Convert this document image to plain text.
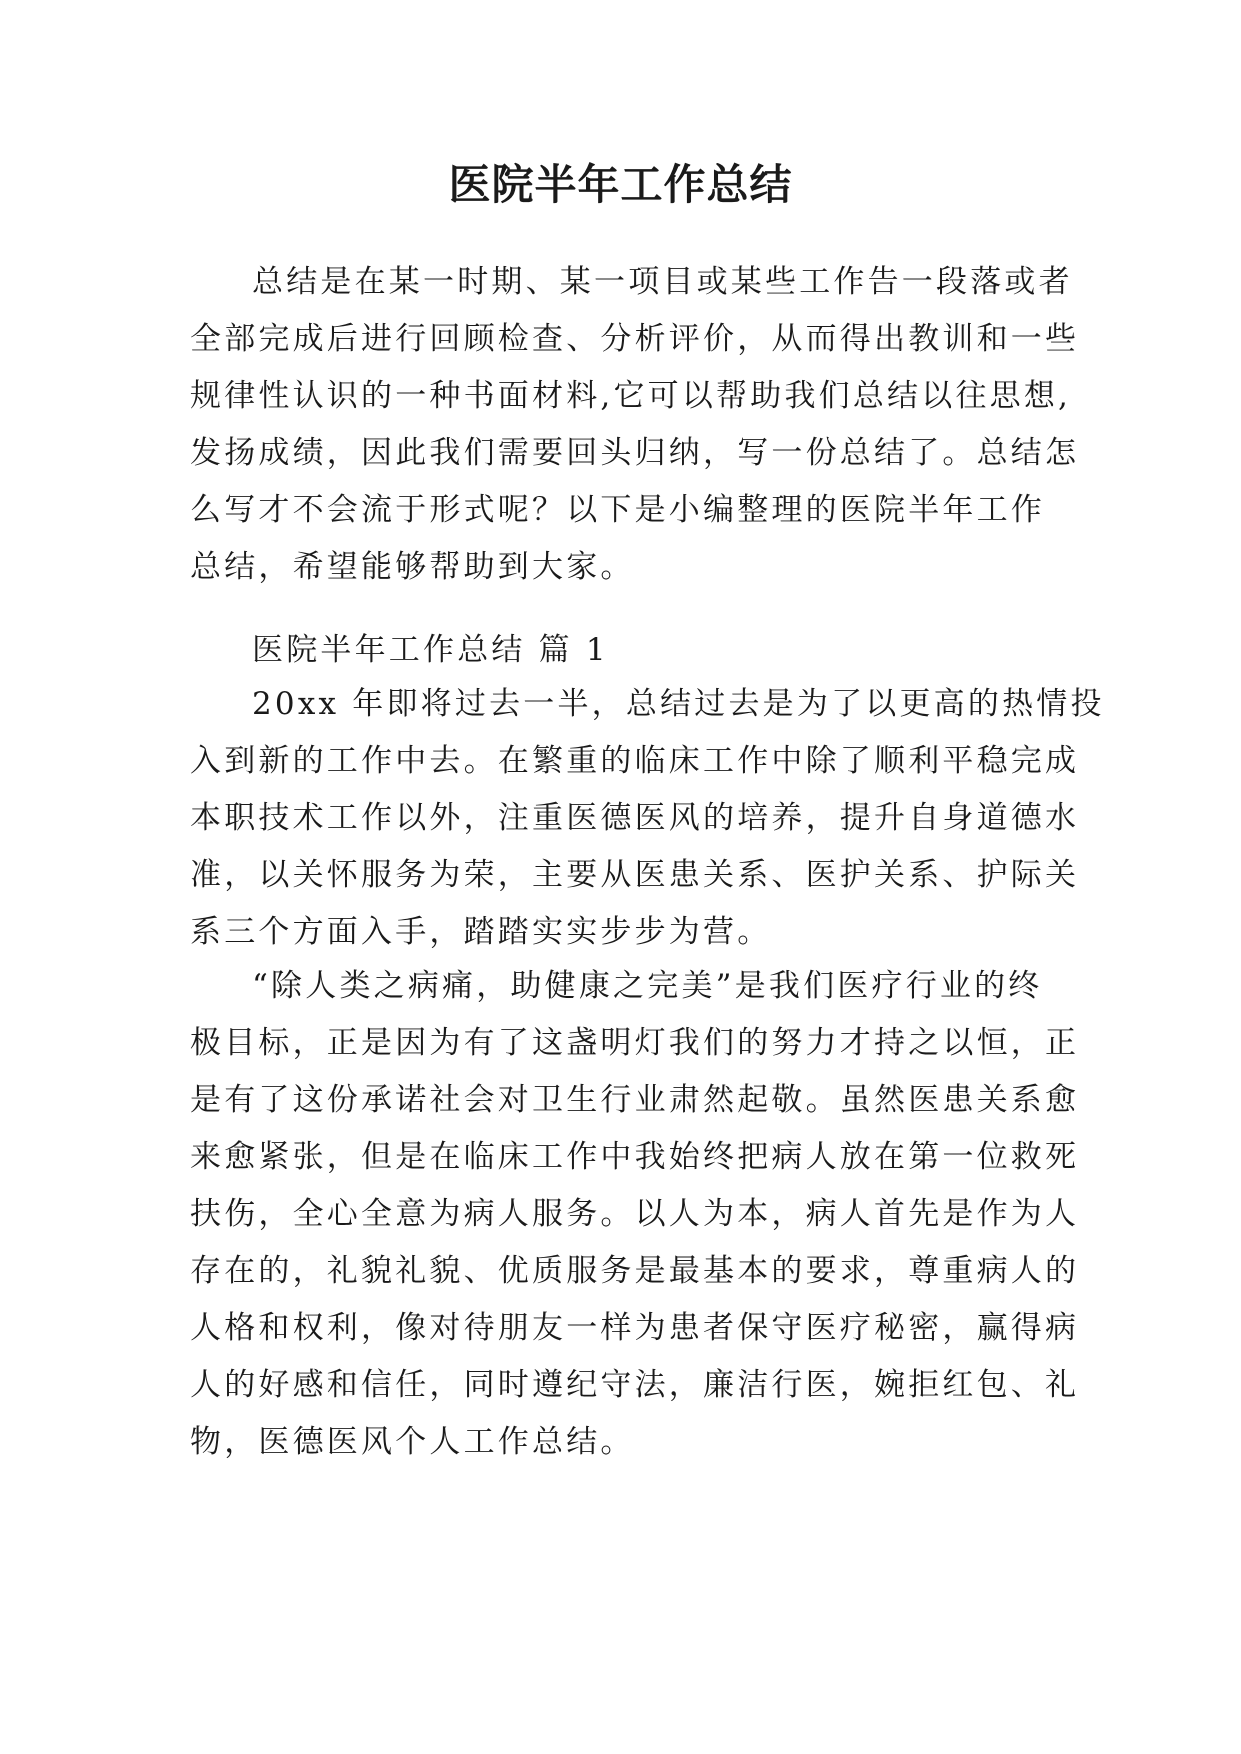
医院半年工作总结
总结是在某一时期、某一项目或某些工作告一段落或者
全部完成后进行回顾检查、分析评价，从而得出教训和一些
规律性认识的一种书面材料,它可以帮助我们总结以往思想,
发扬成绩，因此我们需要回头归纳，写一份总结了。总结怎
么写才不会流于形式呢？以下是小编整理的医院半年工作
总结，希望能够帮助到大家。
医院半年工作总结 篇 1
20xx 年即将过去一半，总结过去是为了以更高的热情投
入到新的工作中去。在繁重的临床工作中除了顺利平稳完成
本职技术工作以外，注重医德医风的培养，提升自身道德水
准，以关怀服务为荣，主要从医患关系、医护关系、护际关
系三个方面入手，踏踏实实步步为营。
“除人类之病痛，助健康之完美”是我们医疗行业的终
极目标，正是因为有了这盏明灯我们的努力才持之以恒，正
是有了这份承诺社会对卫生行业肃然起敬。虽然医患关系愈
来愈紧张，但是在临床工作中我始终把病人放在第一位救死
扶伤，全心全意为病人服务。以人为本，病人首先是作为人
存在的，礼貌礼貌、优质服务是最基本的要求，尊重病人的
人格和权利，像对待朋友一样为患者保守医疗秘密，赢得病
人的好感和信任，同时遵纪守法，廉洁行医，婉拒红包、礼
物，医德医风个人工作总结。
